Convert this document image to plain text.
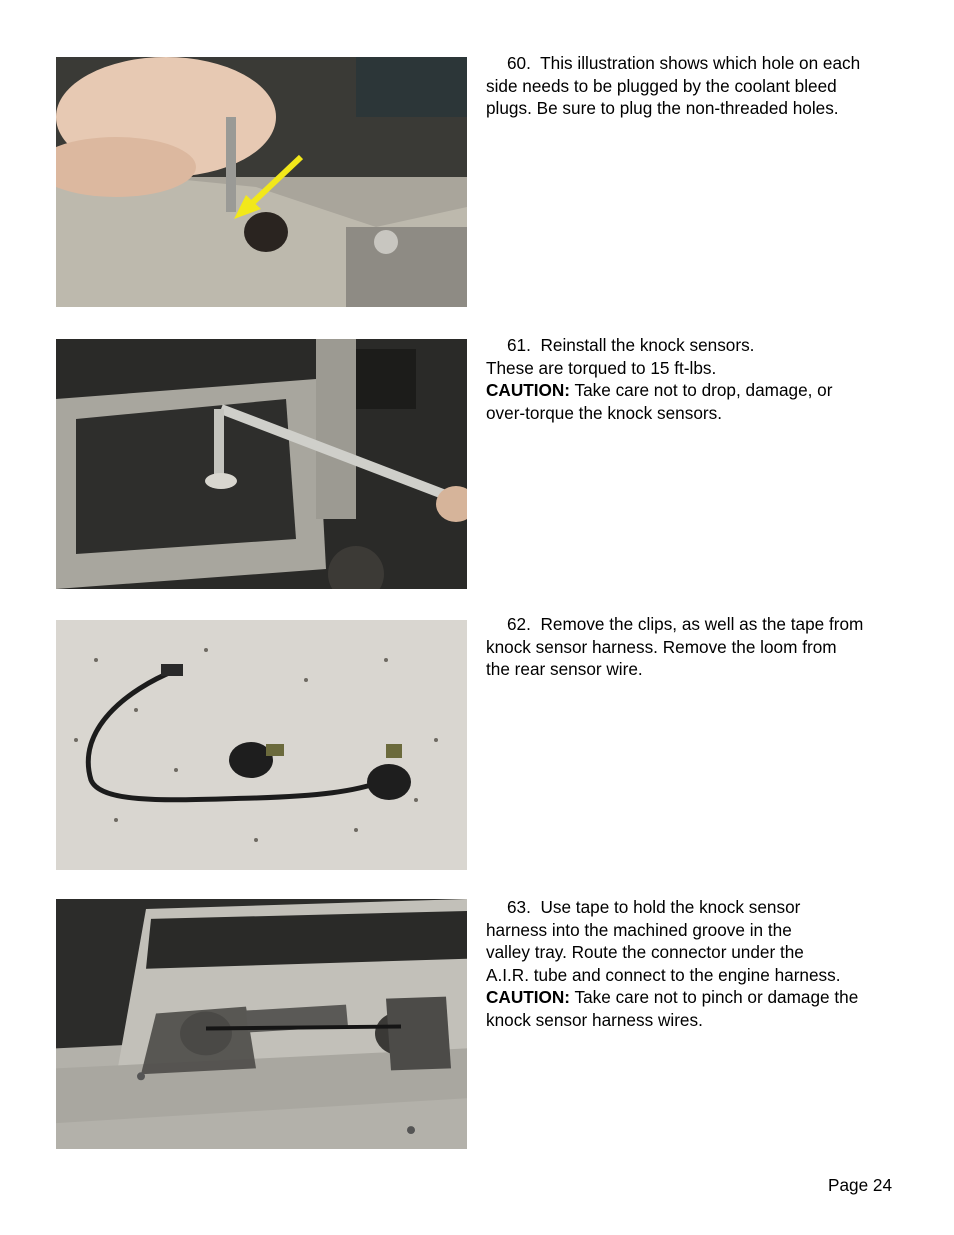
60. This illustration shows which hole on each
side needs to be plugged by the coolant bleed
plugs. Be sure to plug the non-threaded holes.
61. Reinstall the knock sensors.
These are torqued to 15 ft-lbs.
CAUTION: Take care not to drop, damage, or
over-torque the knock sensors.
62. Remove the clips, as well as the tape from
knock sensor harness. Remove the loom from
the rear sensor wire.
63. Use tape to hold the knock sensor
harness into the machined groove in the
valley tray. Route the connector under the
A.I.R. tube and connect to the engine harness.
CAUTION: Take care not to pinch or damage the
knock sensor harness wires.
Page 24
